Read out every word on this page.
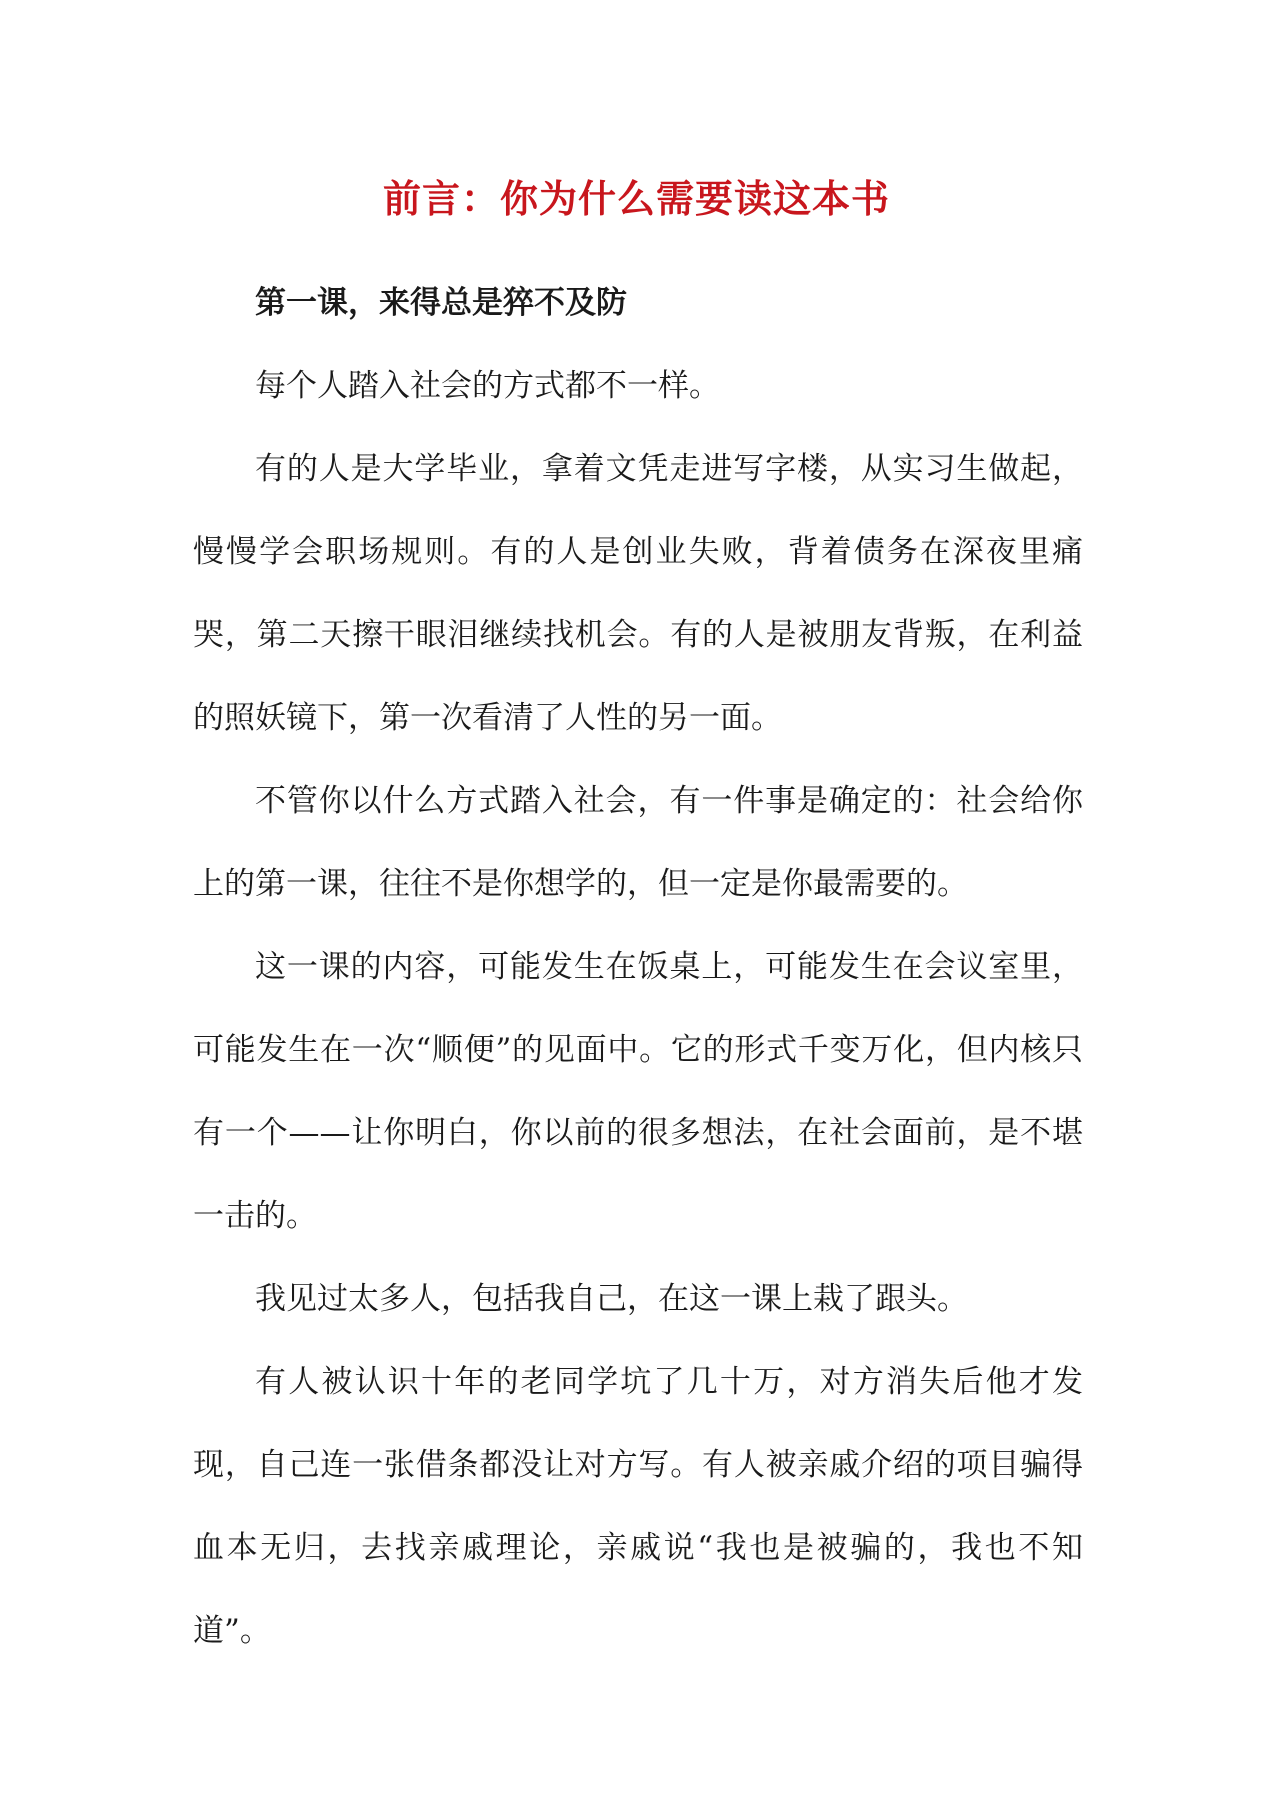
前言：你为什么需要读这本书

第一课，来得总是猝不及防

每个人踏入社会的方式都不一样。

有的人是大学毕业，拿着文凭走进写字楼，从实习生做起，慢慢学会职场规则。有的人是创业失败，背着债务在深夜里痛哭，第二天擦干眼泪继续找机会。有的人是被朋友背叛，在利益的照妖镜下，第一次看清了人性的另一面。

不管你以什么方式踏入社会，有一件事是确定的：社会给你上的第一课，往往不是你想学的，但一定是你最需要的。

这一课的内容，可能发生在饭桌上，可能发生在会议室里，可能发生在一次“顺便”的见面中。它的形式千变万化，但内核只有一个——让你明白，你以前的很多想法，在社会面前，是不堪一击的。

我见过太多人，包括我自己，在这一课上栽了跟头。

有人被认识十年的老同学坑了几十万，对方消失后他才发现，自己连一张借条都没让对方写。有人被亲戚介绍的项目骗得血本无归，去找亲戚理论，亲戚说“我也是被骗的，我也不知道”。
